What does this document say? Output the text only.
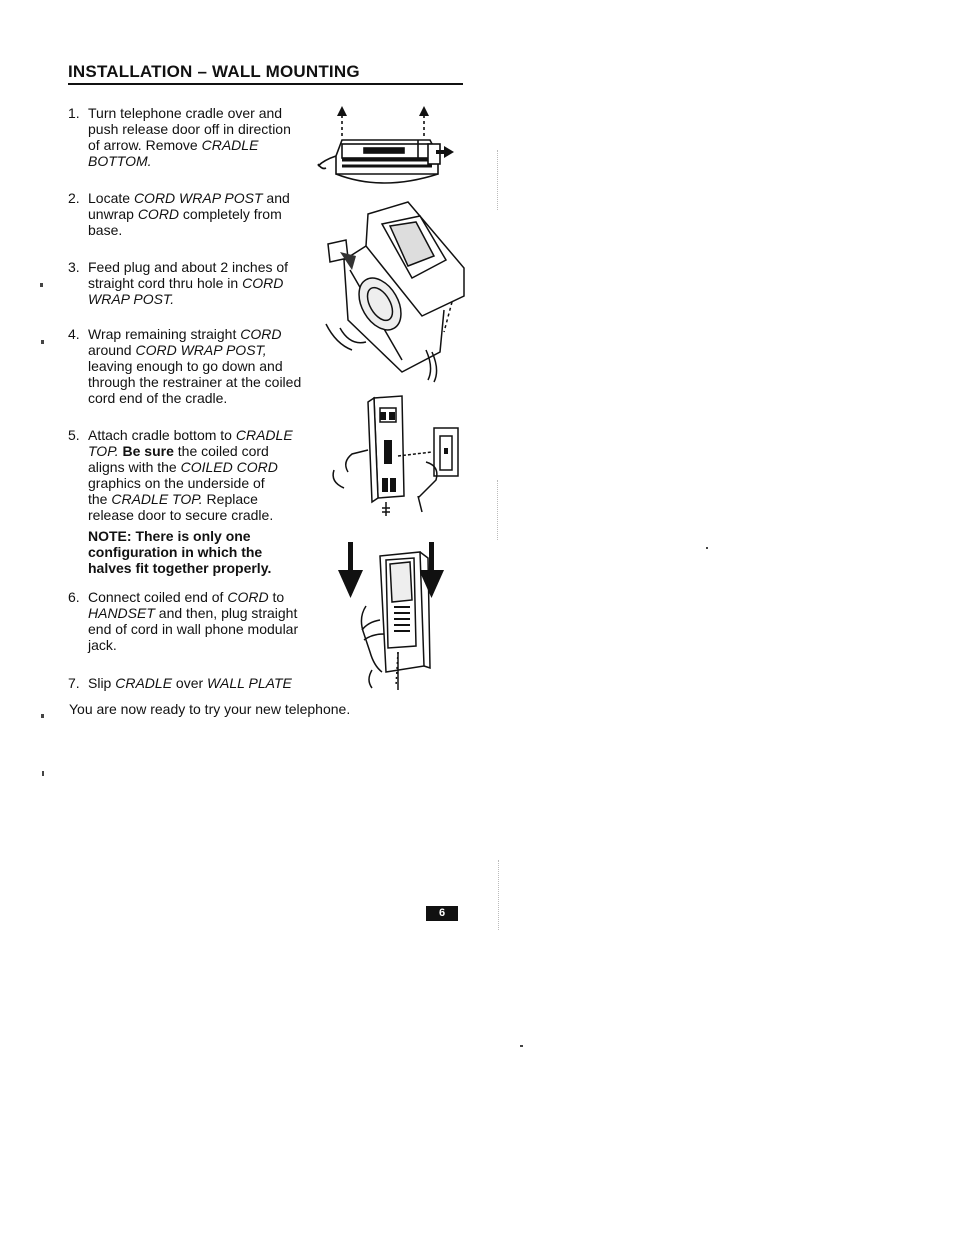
INSTALLATION – WALL MOUNTING
1. Turn telephone cradle over and
push release door off in direction
of arrow. Remove CRADLE
BOTTOM.
2. Locate CORD WRAP POST and
unwrap CORD completely from
base.
3. Feed plug and about 2 inches of
straight cord thru hole in CORD
WRAP POST.
4. Wrap remaining straight CORD
around CORD WRAP POST,
leaving enough to go down and
through the restrainer at the coiled
cord end of the cradle.
5. Attach cradle bottom to CRADLE
TOP. Be sure the coiled cord
aligns with the COILED CORD
graphics on the underside of
the CRADLE TOP. Replace
release door to secure cradle.
NOTE: There is only one
configuration in which the
halves fit together properly.
6. Connect coiled end of CORD to
HANDSET and then, plug straight
end of cord in wall phone modular
jack.
7. Slip CRADLE over WALL PLATE
You are now ready to try your new telephone.
6
